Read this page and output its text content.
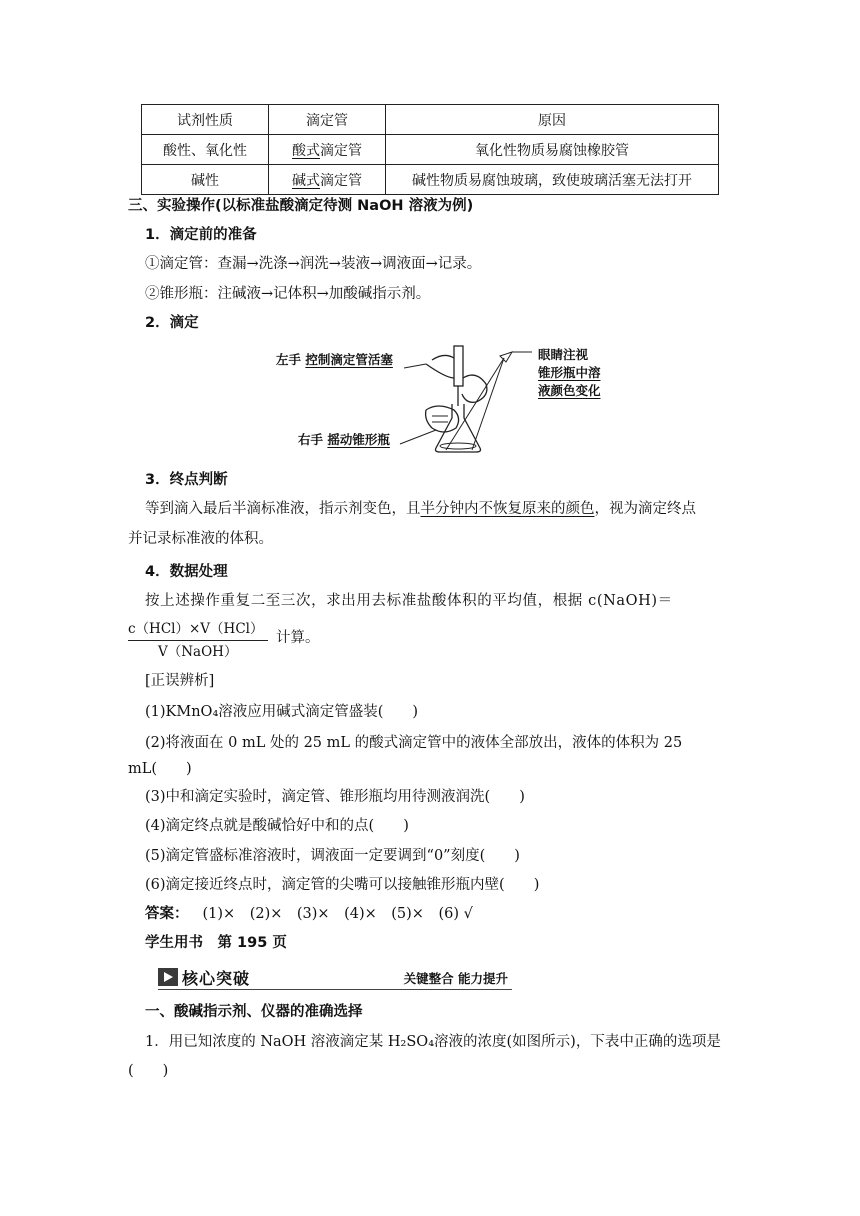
试剂性质	滴定管	原因
酸性、氧化性	酸式滴定管	氧化性物质易腐蚀橡胶管
碱性	碱式滴定管	碱性物质易腐蚀玻璃，致使玻璃活塞无法打开
三、实验操作(以标准盐酸滴定待测 NaOH 溶液为例)
1．滴定前的准备
①滴定管：查漏→洗涤→润洗→装液→调液面→记录。
②锥形瓶：注碱液→记体积→加酸碱指示剂。
2．滴定
左手 控制滴定管活塞
右手 摇动锥形瓶
眼睛注视
锥形瓶中溶
液颜色变化
3．终点判断
等到滴入最后半滴标准液，指示剂变色，且半分钟内不恢复原来的颜色，视为滴定终点
并记录标准液的体积。
4．数据处理
按上述操作重复二至三次，求出用去标准盐酸体积的平均值，根据 c(NaOH)＝
c（HCl）×V（HCl）
V（NaOH）
计算。
[正误辨析]
(1)KMnO₄溶液应用碱式滴定管盛装(　　)
(2)将液面在 0 mL 处的 25 mL 的酸式滴定管中的液体全部放出，液体的体积为 25
mL(　　)
(3)中和滴定实验时，滴定管、锥形瓶均用待测液润洗(　　)
(4)滴定终点就是酸碱恰好中和的点(　　)
(5)滴定管盛标准溶液时，调液面一定要调到“0”刻度(　　)
(6)滴定接近终点时，滴定管的尖嘴可以接触锥形瓶内壁(　　)
答案： (1)×　(2)×　(3)×　(4)×　(5)×　(6) √
学生用书　第 195 页
核心突破	关键整合 能力提升
一、酸碱指示剂、仪器的准确选择
1．用已知浓度的 NaOH 溶液滴定某 H₂SO₄溶液的浓度(如图所示)，下表中正确的选项是
(　　)
